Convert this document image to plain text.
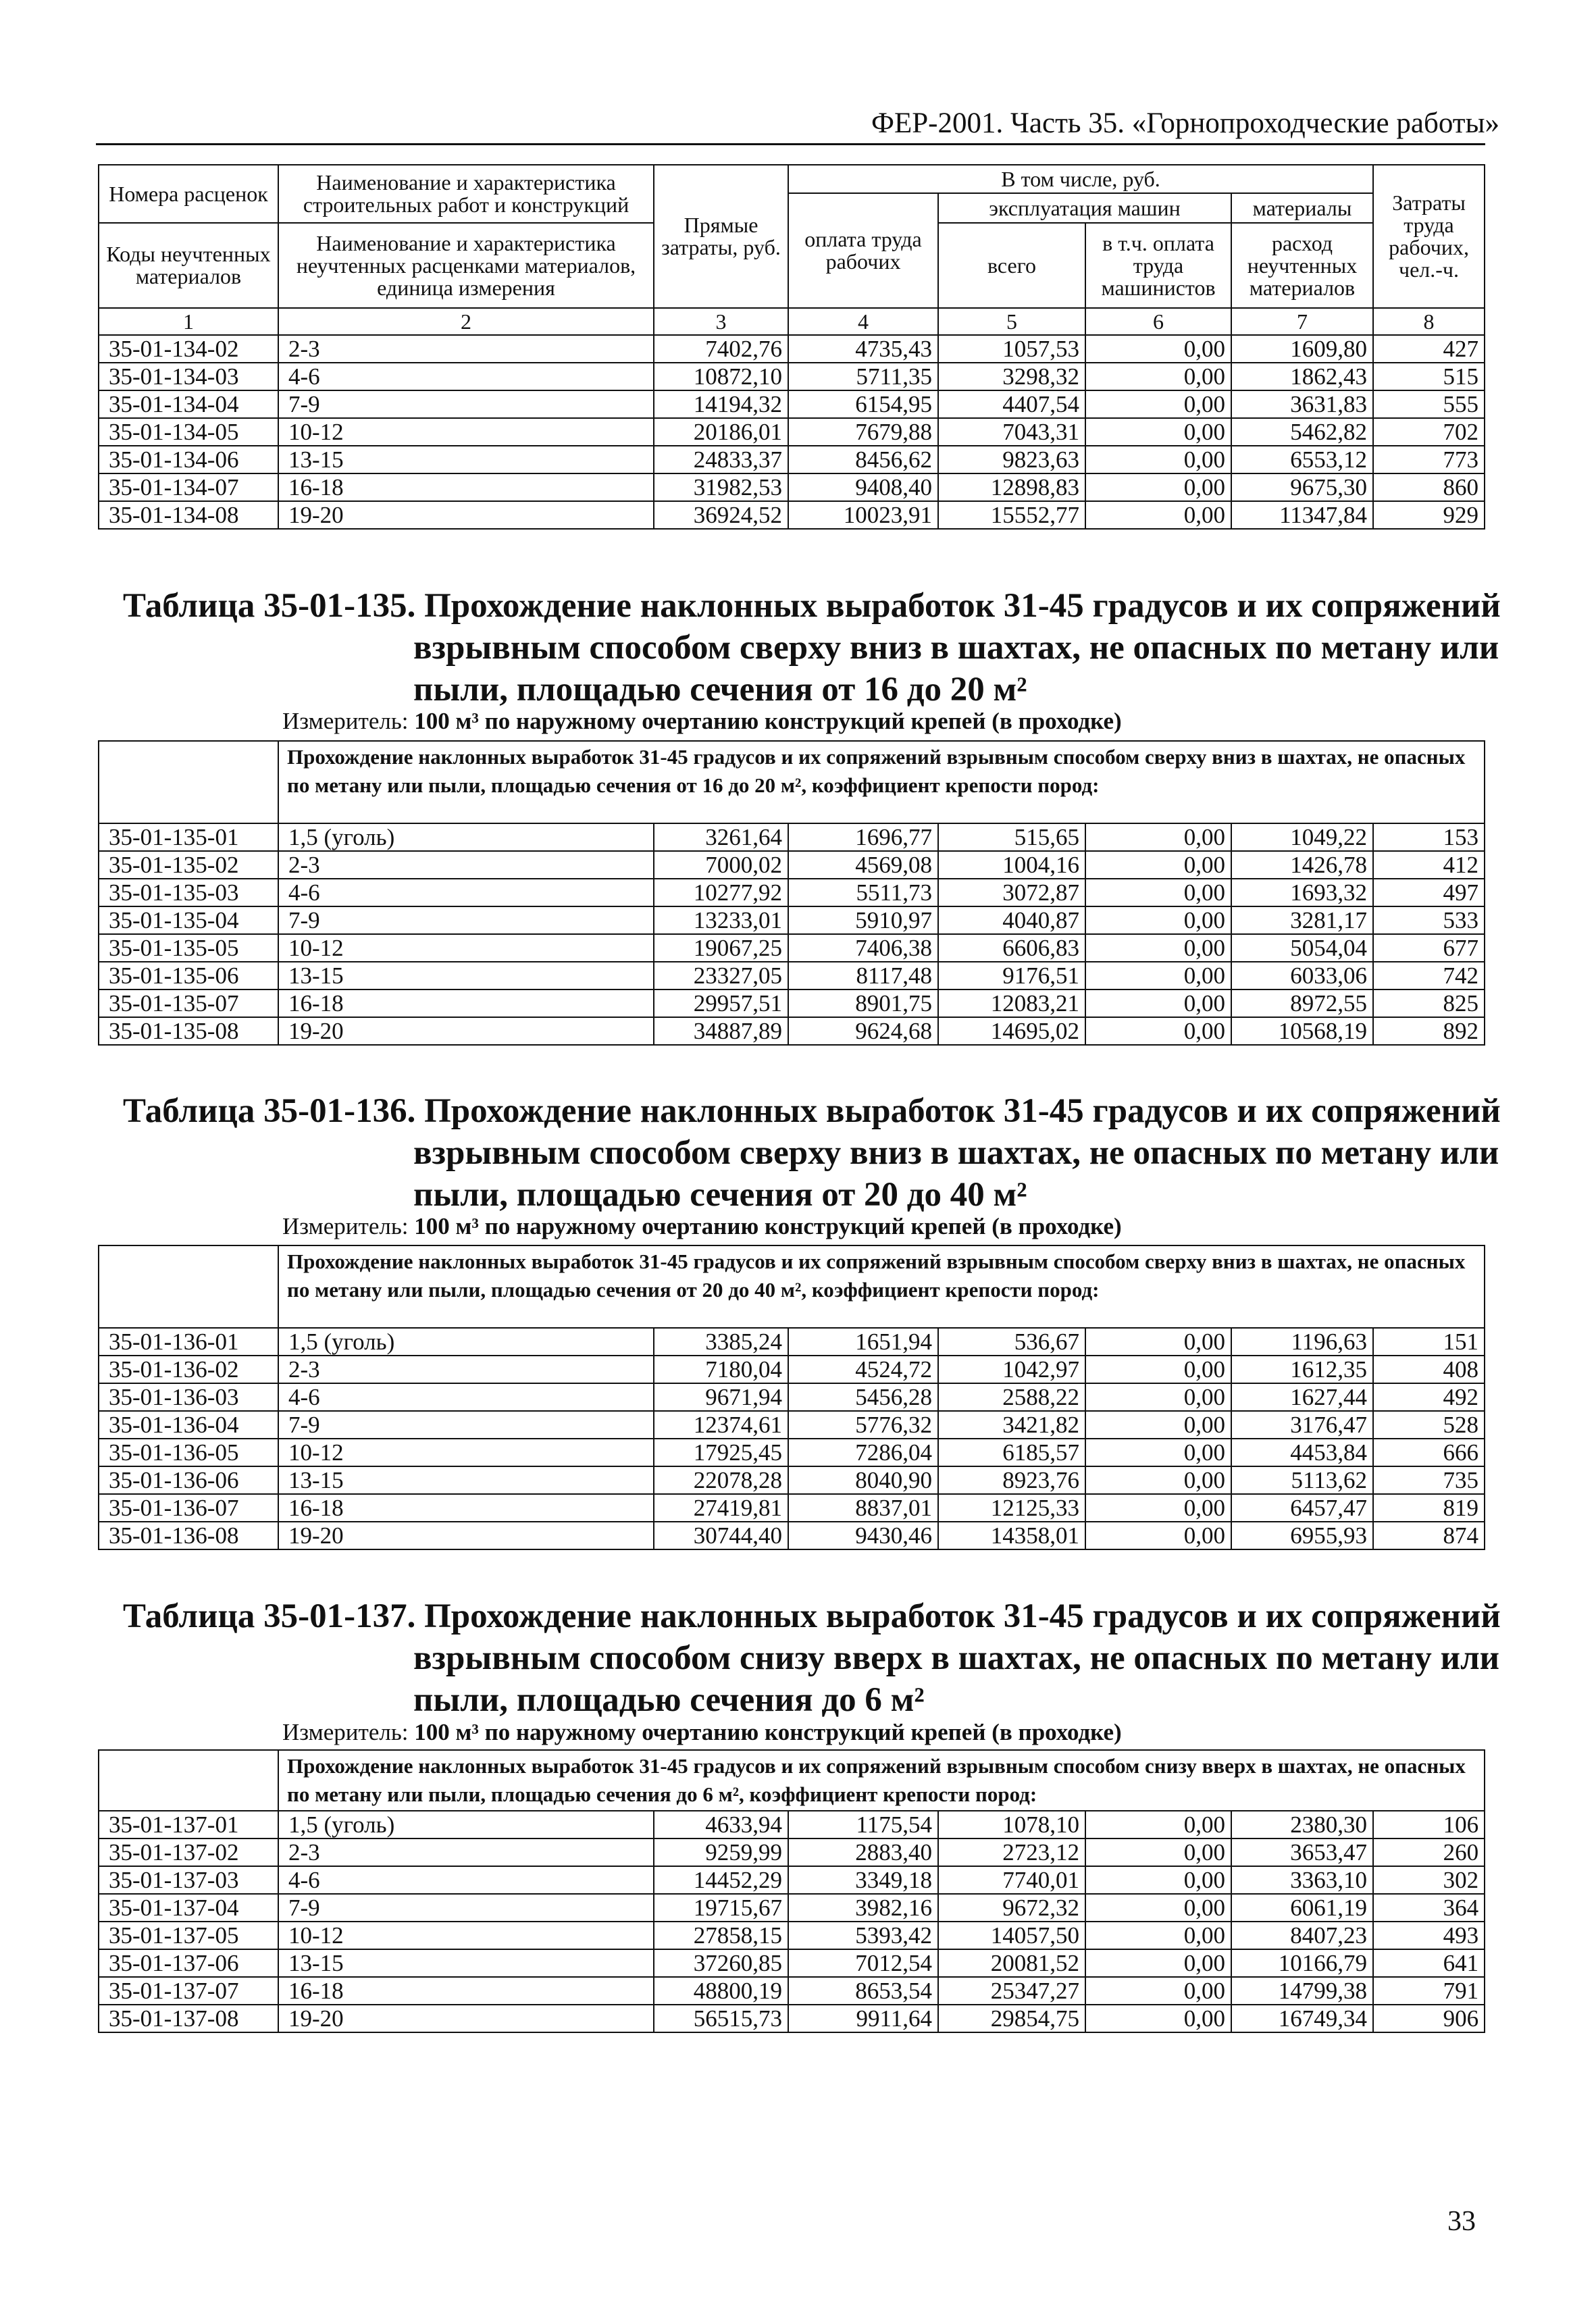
ФЕР-2001. Часть 35. «Горнопроходческие работы»
Номера расценок	Наименование и характеристика строительных работ и конструкций	Прямые затраты, руб.	В том числе, руб.				Затраты труда рабочих, чел.-ч.
			оплата труда рабочих	эксплуатация машин		материалы	
Коды неучтенных материалов	Наименование и характеристика неучтенных расценками материалов, единица измерения			всего	в т.ч. оплата труда машинистов	расход неучтенных материалов	

1	2	3	4	5	6	7	8
35-01-134-02	2-3	7402,76	4735,43	1057,53	0,00	1609,80	427
35-01-134-03	4-6	10872,10	5711,35	3298,32	0,00	1862,43	515
35-01-134-04	7-9	14194,32	6154,95	4407,54	0,00	3631,83	555
35-01-134-05	10-12	20186,01	7679,88	7043,31	0,00	5462,82	702
35-01-134-06	13-15	24833,37	8456,62	9823,63	0,00	6553,12	773
35-01-134-07	16-18	31982,53	9408,40	12898,83	0,00	9675,30	860
35-01-134-08	19-20	36924,52	10023,91	15552,77	0,00	11347,84	929
Таблица 35-01-135. Прохождение наклонных выработок 31-45 градусов и их сопряжений
взрывным способом сверху вниз в шахтах, не опасных по метану или
пыли, площадью сечения от 16 до 20 м²
Измеритель: 100 м³ по наружному очертанию конструкций крепей (в проходке)
	Прохождение наклонных выработок 31-45 градусов и их сопряжений взрывным способом сверху вниз в шахтах, не опасных по метану или пыли, площадью сечения от 16 до 20 м², коэффициент крепости пород:						
35-01-135-01	1,5 (уголь)	3261,64	1696,77	515,65	0,00	1049,22	153
35-01-135-02	2-3	7000,02	4569,08	1004,16	0,00	1426,78	412
35-01-135-03	4-6	10277,92	5511,73	3072,87	0,00	1693,32	497
35-01-135-04	7-9	13233,01	5910,97	4040,87	0,00	3281,17	533
35-01-135-05	10-12	19067,25	7406,38	6606,83	0,00	5054,04	677
35-01-135-06	13-15	23327,05	8117,48	9176,51	0,00	6033,06	742
35-01-135-07	16-18	29957,51	8901,75	12083,21	0,00	8972,55	825
35-01-135-08	19-20	34887,89	9624,68	14695,02	0,00	10568,19	892
Таблица 35-01-136. Прохождение наклонных выработок 31-45 градусов и их сопряжений
взрывным способом сверху вниз в шахтах, не опасных по метану или
пыли, площадью сечения от 20 до 40 м²
Измеритель: 100 м³ по наружному очертанию конструкций крепей (в проходке)
	Прохождение наклонных выработок 31-45 градусов и их сопряжений взрывным способом сверху вниз в шахтах, не опасных по метану или пыли, площадью сечения от 20 до 40 м², коэффициент крепости пород:						
35-01-136-01	1,5 (уголь)	3385,24	1651,94	536,67	0,00	1196,63	151
35-01-136-02	2-3	7180,04	4524,72	1042,97	0,00	1612,35	408
35-01-136-03	4-6	9671,94	5456,28	2588,22	0,00	1627,44	492
35-01-136-04	7-9	12374,61	5776,32	3421,82	0,00	3176,47	528
35-01-136-05	10-12	17925,45	7286,04	6185,57	0,00	4453,84	666
35-01-136-06	13-15	22078,28	8040,90	8923,76	0,00	5113,62	735
35-01-136-07	16-18	27419,81	8837,01	12125,33	0,00	6457,47	819
35-01-136-08	19-20	30744,40	9430,46	14358,01	0,00	6955,93	874
Таблица 35-01-137. Прохождение наклонных выработок 31-45 градусов и их сопряжений
взрывным способом снизу вверх в шахтах, не опасных по метану или
пыли, площадью сечения до 6 м²
Измеритель: 100 м³ по наружному очертанию конструкций крепей (в проходке)
	Прохождение наклонных выработок 31-45 градусов и их сопряжений взрывным способом снизу вверх в шахтах, не опасных по метану или пыли, площадью сечения до 6 м², коэффициент крепости пород:						
35-01-137-01	1,5 (уголь)	4633,94	1175,54	1078,10	0,00	2380,30	106
35-01-137-02	2-3	9259,99	2883,40	2723,12	0,00	3653,47	260
35-01-137-03	4-6	14452,29	3349,18	7740,01	0,00	3363,10	302
35-01-137-04	7-9	19715,67	3982,16	9672,32	0,00	6061,19	364
35-01-137-05	10-12	27858,15	5393,42	14057,50	0,00	8407,23	493
35-01-137-06	13-15	37260,85	7012,54	20081,52	0,00	10166,79	641
35-01-137-07	16-18	48800,19	8653,54	25347,27	0,00	14799,38	791
35-01-137-08	19-20	56515,73	9911,64	29854,75	0,00	16749,34	906
33
